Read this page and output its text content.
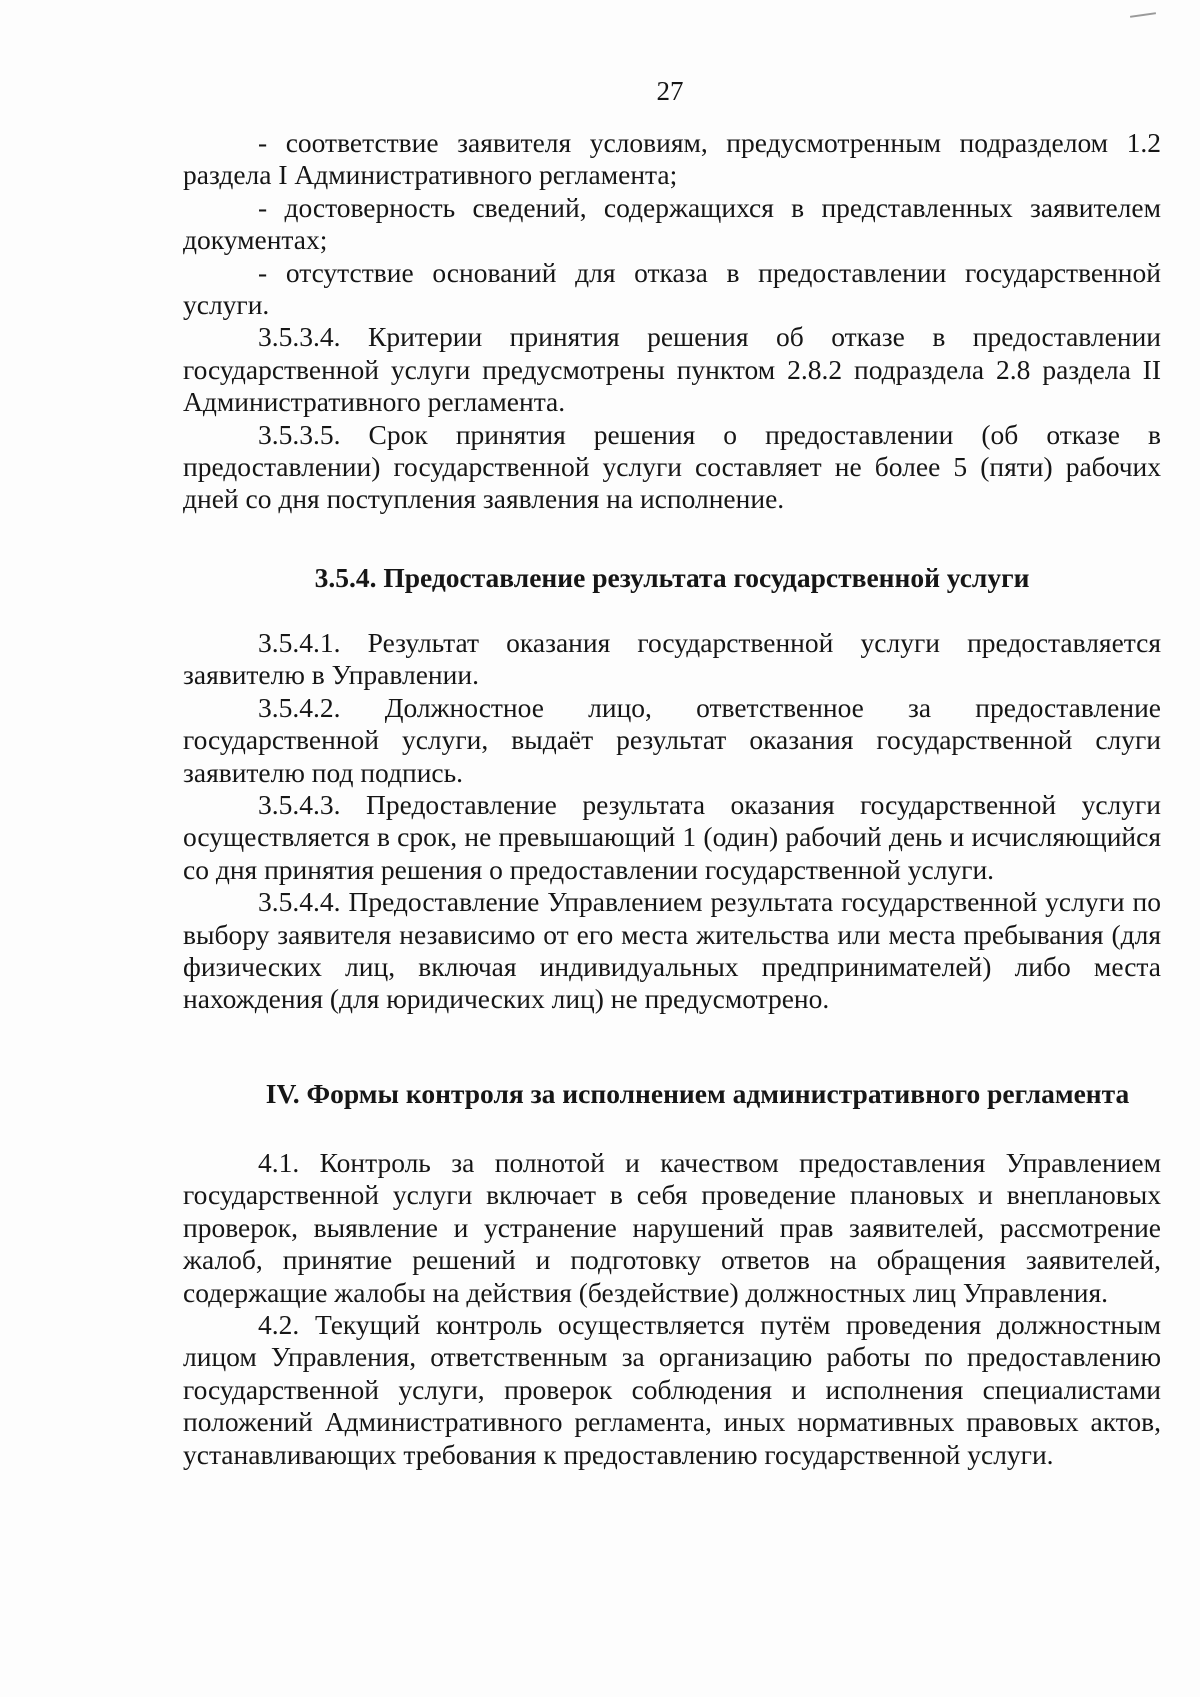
27

- соответствие заявителя условиям, предусмотренным подразделом 1.2 раздела I Административного регламента;

- достоверность сведений, содержащихся в представленных заявителем документах;

- отсутствие оснований для отказа в предоставлении государственной услуги.

3.5.3.4. Критерии принятия решения об отказе в предоставлении государственной услуги предусмотрены пунктом 2.8.2 подраздела 2.8 раздела II Административного регламента.

3.5.3.5. Срок принятия решения о предоставлении (об отказе в предоставлении) государственной услуги составляет не более 5 (пяти) рабочих дней со дня поступления заявления на исполнение.

3.5.4. Предоставление результата государственной услуги

3.5.4.1. Результат оказания государственной услуги предоставляется заявителю в Управлении.

3.5.4.2. Должностное лицо, ответственное за предоставление государственной услуги, выдаёт результат оказания государственной слуги заявителю под подпись.

3.5.4.3. Предоставление результата оказания государственной услуги осуществляется в срок, не превышающий 1 (один) рабочий день и исчисляющийся со дня принятия решения о предоставлении государственной услуги.

3.5.4.4. Предоставление Управлением результата государственной услуги по выбору заявителя независимо от его места жительства или места пребывания (для физических лиц, включая индивидуальных предпринимателей) либо места нахождения (для юридических лиц) не предусмотрено.

IV. Формы контроля за исполнением административного регламента

4.1. Контроль за полнотой и качеством предоставления Управлением государственной услуги включает в себя проведение плановых и внеплановых проверок, выявление и устранение нарушений прав заявителей, рассмотрение жалоб, принятие решений и подготовку ответов на обращения заявителей, содержащие жалобы на действия (бездействие) должностных лиц Управления.

4.2. Текущий контроль осуществляется путём проведения должностным лицом Управления, ответственным за организацию работы по предоставлению государственной услуги, проверок соблюдения и исполнения специалистами положений Административного регламента, иных нормативных правовых актов, устанавливающих требования к предоставлению государственной услуги.
